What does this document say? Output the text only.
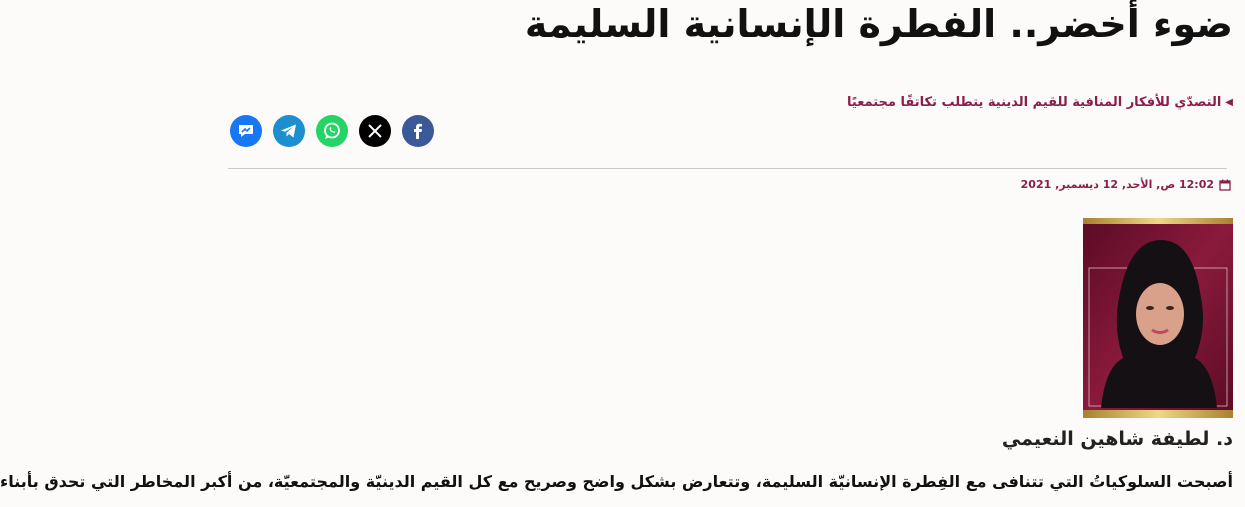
ضوء أخضر.. الفطرة الإنسانية السليمة
◀
التصدّي للأفكار المنافية للقيم الدينية يتطلب تكاتفًا مجتمعيًا
12:02 ص, الأحد, 12 ديسمبر, 2021
د. لطيفة شاهين النعيمي
أصبحت السلوكياتُ التي تتنافى مع الفِطرة الإنسانيّة السليمة، وتتعارض بشكل واضح وصريح مع كل القيم الدينيّة والمجتمعيّة، من أكبر المخاطر التي تحدق بأبناء
